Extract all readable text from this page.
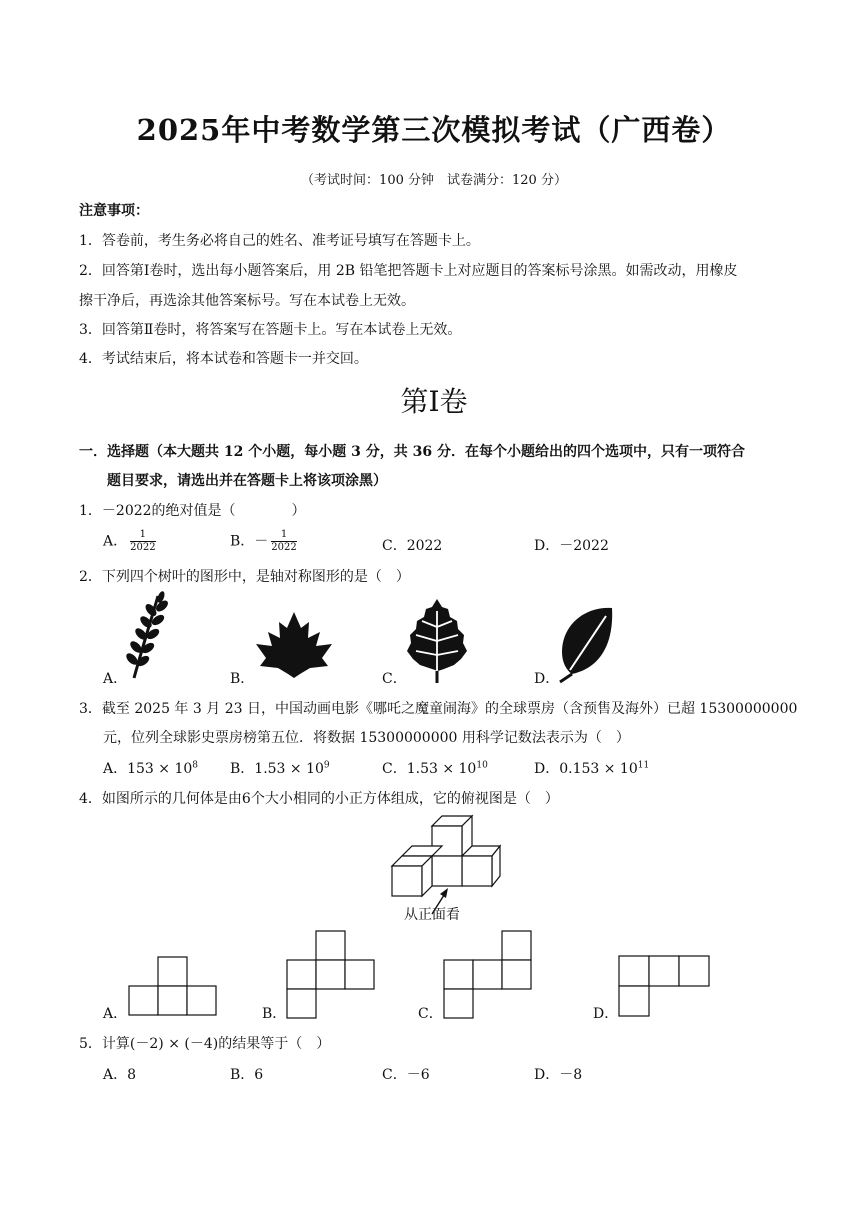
2025年中考数学第三次模拟考试（广西卷）
（考试时间：100 分钟　试卷满分：120 分）
注意事项：
1．答卷前，考生务必将自己的姓名、准考证号填写在答题卡上。
2．回答第Ⅰ卷时，选出每小题答案后，用 2B 铅笔把答题卡上对应题目的答案标号涂黑。如需改动，用橡皮
擦干净后，再选涂其他答案标号。写在本试卷上无效。
3．回答第Ⅱ卷时，将答案写在答题卡上。写在本试卷上无效。
4．考试结束后，将本试卷和答题卡一并交回。
第Ⅰ卷
一．选择题（本大题共 12 个小题，每小题 3 分，共 36 分．在每个小题给出的四个选项中，只有一项符合
题目要求，请选出并在答题卡上将该项涂黑）
1．－2022的绝对值是（　　　　）
A． $\frac{1}{2022}$	B．－ $\frac{1}{2022}$	C．2022	D．－2022
2．下列四个树叶的图形中，是轴对称图形的是（　）
A．	B．	C．	D．
3．截至 2025 年 3 月 23 日，中国动画电影《哪吒之魔童闹海》的全球票房（含预售及海外）已超 15300000000
元，位列全球影史票房榜第五位．将数据 15300000000 用科学记数法表示为（　）
A．$153 \times 10^8$ B．$1.53 \times 10^9$	C．$1.53 \times 10^{10}$	D．$0.153 \times 10^{11}$
4．如图所示的几何体是由6个大小相同的小正方体组成，它的俯视图是（　）
从正面看
A．	B．	C．	D．
5．计算(－2) × (－4)的结果等于（　）
A．8	B．6	C．－6	D．－8
